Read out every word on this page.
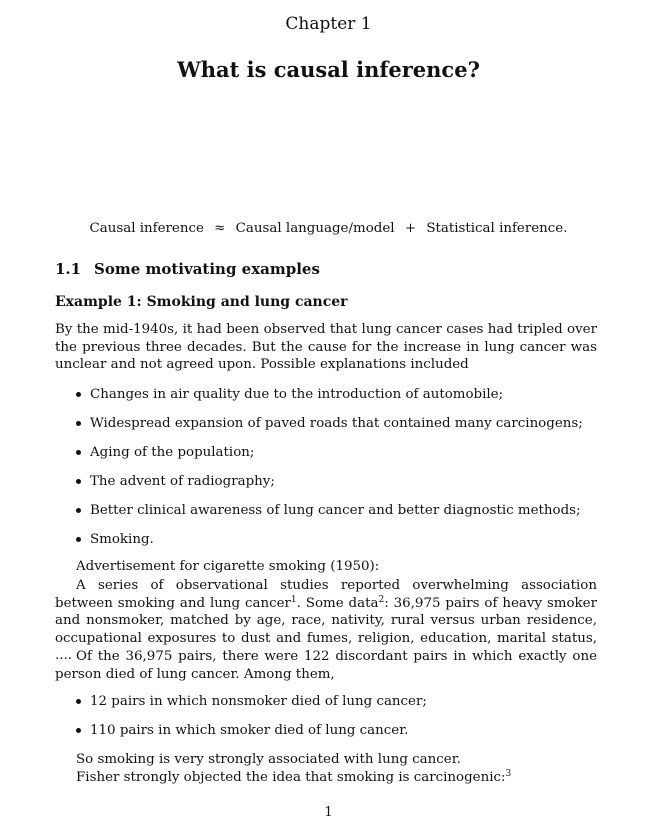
Chapter 1
What is causal inference?
Causal inference ≈ Causal language/model + Statistical inference.
1.1 Some motivating examples
Example 1: Smoking and lung cancer

By the mid-1940s, it had been observed that lung cancer cases had tripled over the previous three decades. But the cause for the increase in lung cancer was unclear and not agreed upon. Possible explanations included

Changes in air quality due to the introduction of automobile;
Widespread expansion of paved roads that contained many carcinogens;
Aging of the population;
The advent of radiography;
Better clinical awareness of lung cancer and better diagnostic methods;
Smoking.
Advertisement for cigarette smoking (1950):

A series of observational studies reported overwhelming association between smoking and lung cancer$^1$. Some data$^2$: 36,975 pairs of heavy smoker and nonsmoker, matched by age, race, nativity, rural versus urban residence, occupational exposures to dust and fumes, religion, education, marital status, .... Of the 36,975 pairs, there were 122 discordant pairs in which exactly one person died of lung cancer. Among them,

12 pairs in which nonsmoker died of lung cancer;
110 pairs in which smoker died of lung cancer.
So smoking is very strongly associated with lung cancer.
Fisher strongly objected the idea that smoking is carcinogenic:$^3$
1
